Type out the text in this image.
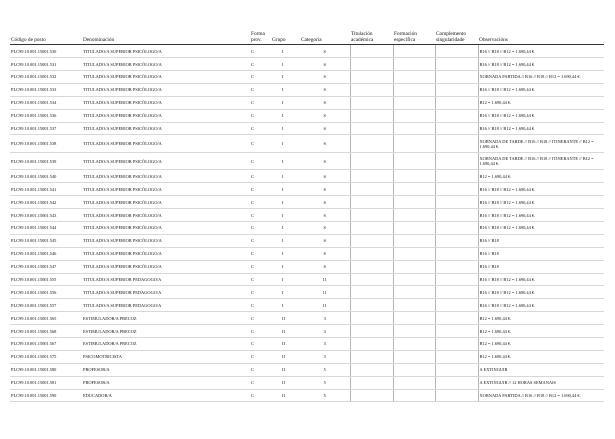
Código de posto	Denominación	Forma prov.	Grupo	Categoría	Titulación académica	Formación específica	Complemento singularidade	Observacións
PLC99.10.001.15001.530	TITULADO/A SUPERIOR PSICÓLOGO/A	C	I	S				B16 // B18 // B12 = 1.690,44 €.
PLC99.10.001.15001.531	TITULADO/A SUPERIOR PSICÓLOGO/A	C	I	S				B16 // B18 // B12 = 1.690,44 €.
PLC99.10.001.15001.532	TITULADO/A SUPERIOR PSICÓLOGO/A	C	I	S				XORNADA PARTIDA // B16 // B18 // B12 = 1.690,44 €.
PLC99.10.001.15001.533	TITULADO/A SUPERIOR PSICÓLOGO/A	C	I	S				B16 // B18 // B12 = 1.690,44 €.
PLC99.10.001.15001.534	TITULADO/A SUPERIOR PSICÓLOGO/A	C	I	S				B12 = 1.690,44 €.
PLC99.10.001.15001.536	TITULADO/A SUPERIOR PSICÓLOGO/A	C	I	S				B16 // B18 // B12 = 1.690,44 €.
PLC99.10.001.15001.537	TITULADO/A SUPERIOR PSICÓLOGO/A	C	I	S				B16 // B18 // B12 = 1.690,44 €.
PLC99.10.001.15001.538	TITULADO/A SUPERIOR PSICÓLOGO/A	C	I	S				XORNADA DE TARDE // B16 // B18 // ITINERANTE // B12 = 1.690,44 €.
PLC99.10.001.15001.539	TITULADO/A SUPERIOR PSICÓLOGO/A	C	I	S				XORNADA DE TARDE // B16 // B18 // ITINERANTE // B12 = 1.690,44 €.
PLC99.10.001.15001.540	TITULADO/A SUPERIOR PSICÓLOGO/A	C	I	S				B12 = 1.690,44 €.
PLC99.10.001.15001.541	TITULADO/A SUPERIOR PSICÓLOGO/A	C	I	S				B16 // B18 // B12 = 1.690,44 €.
PLC99.10.001.15001.542	TITULADO/A SUPERIOR PSICÓLOGO/A	C	I	S				B16 // B18 // B12 = 1.690,44 €.
PLC99.10.001.15001.543	TITULADO/A SUPERIOR PSICÓLOGO/A	C	I	S				B16 // B18 // B12 = 1.690,44 €.
PLC99.10.001.15001.544	TITULADO/A SUPERIOR PSICÓLOGO/A	C	I	S				B16 // B18 // B12 = 1.690,44 €.
PLC99.10.001.15001.545	TITULADO/A SUPERIOR PSICÓLOGO/A	C	I	S				B16 // B18
PLC99.10.001.15001.546	TITULADO/A SUPERIOR PSICÓLOGO/A	C	I	S				B16 // B18
PLC99.10.001.15001.547	TITULADO/A SUPERIOR PSICÓLOGO/A	C	I	S				B16 // B18
PLC99.10.001.15001.555	TITULADO/A SUPERIOR PEDAGOGO/A	C	I	11				B16 // B18 // B12 = 1.690,44 €.
PLC99.10.001.15001.556	TITULADO/A SUPERIOR PEDAGOGO/A	C	I	11				B16 // B18 // B12 = 1.690,44 €.
PLC99.10.001.15001.557	TITULADO/A SUPERIOR PEDAGOGO/A	C	I	11				B16 // B18 // B12 = 1.690,44 €.
PLC99.10.001.15001.565	ESTIMULADOR/A PRECOZ	C	II	3				B12 = 1.690,44 €.
PLC99.10.001.15001.568	ESTIMULADOR/A PRECOZ	C	II	3				B12 = 1.690,44 €.
PLC99.10.001.15001.567	ESTIMULADOR/A PRECOZ	C	II	3				B12 = 1.690,44 €.
PLC99.10.001.15001.575	PSICOMOTRICISTA	C	II	3				B12 = 1.690,44 €.
PLC99.10.001.15001.580	PROFESOR/A	C	II	5				A EXTINGUIR
PLC99.10.001.15001.581	PROFESOR/A	C	II	5				A EXTINGUIR // 12 HORAS SEMANAIS
PLC99.10.001.15001.590	EDUCADOR/A	C	II	5				XORNADA PARTIDA // B16 // B18 // B12 = 1.690,44 €.
